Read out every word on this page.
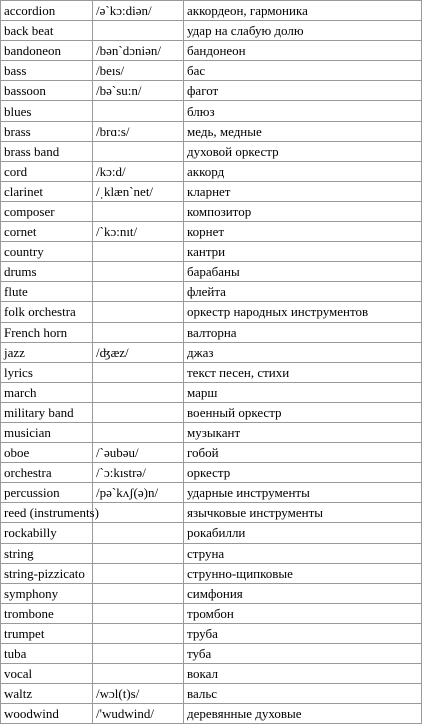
accordion	/ə`kɔ:diən/	аккордеон, гармоника
back beat		удар на слабую долю
bandoneon	/bən`dɔniən/	бандонеон
bass	/beıs/	бас
bassoon	/bə`su:n/	фагот
blues		блюз
brass	/brɑ:s/	медь, медные
brass band		духовой оркестр
cord	/kɔ:d/	аккорд
clarinet	/ˌklæn`net/	кларнет
composer		композитор
cornet	/`kɔ:nıt/	корнет
country		кантри
drums		барабаны
flute		флейта
folk orchestra		оркестр народных инструментов
French horn		валторна
jazz	/ʤæz/	джаз
lyrics		текст песен, стихи
march		марш
military band		военный оркестр
musician		музыкант
oboe	/`əubəu/	гобой
orchestra	/`ɔ:kıstrə/	оркестр
percussion	/pə`kʌʃ(ə)n/	ударные инструменты
reed (instruments)		язычковые инструменты
rockabilly		рокабилли
string		струна
string-pizzicato		струнно-щипковые
symphony		симфония
trombone		тромбон
trumpet		труба
tuba		туба
vocal		вокал
waltz	/wɔl(t)s/	вальс
woodwind	/'wudwind/	деревянные духовые
